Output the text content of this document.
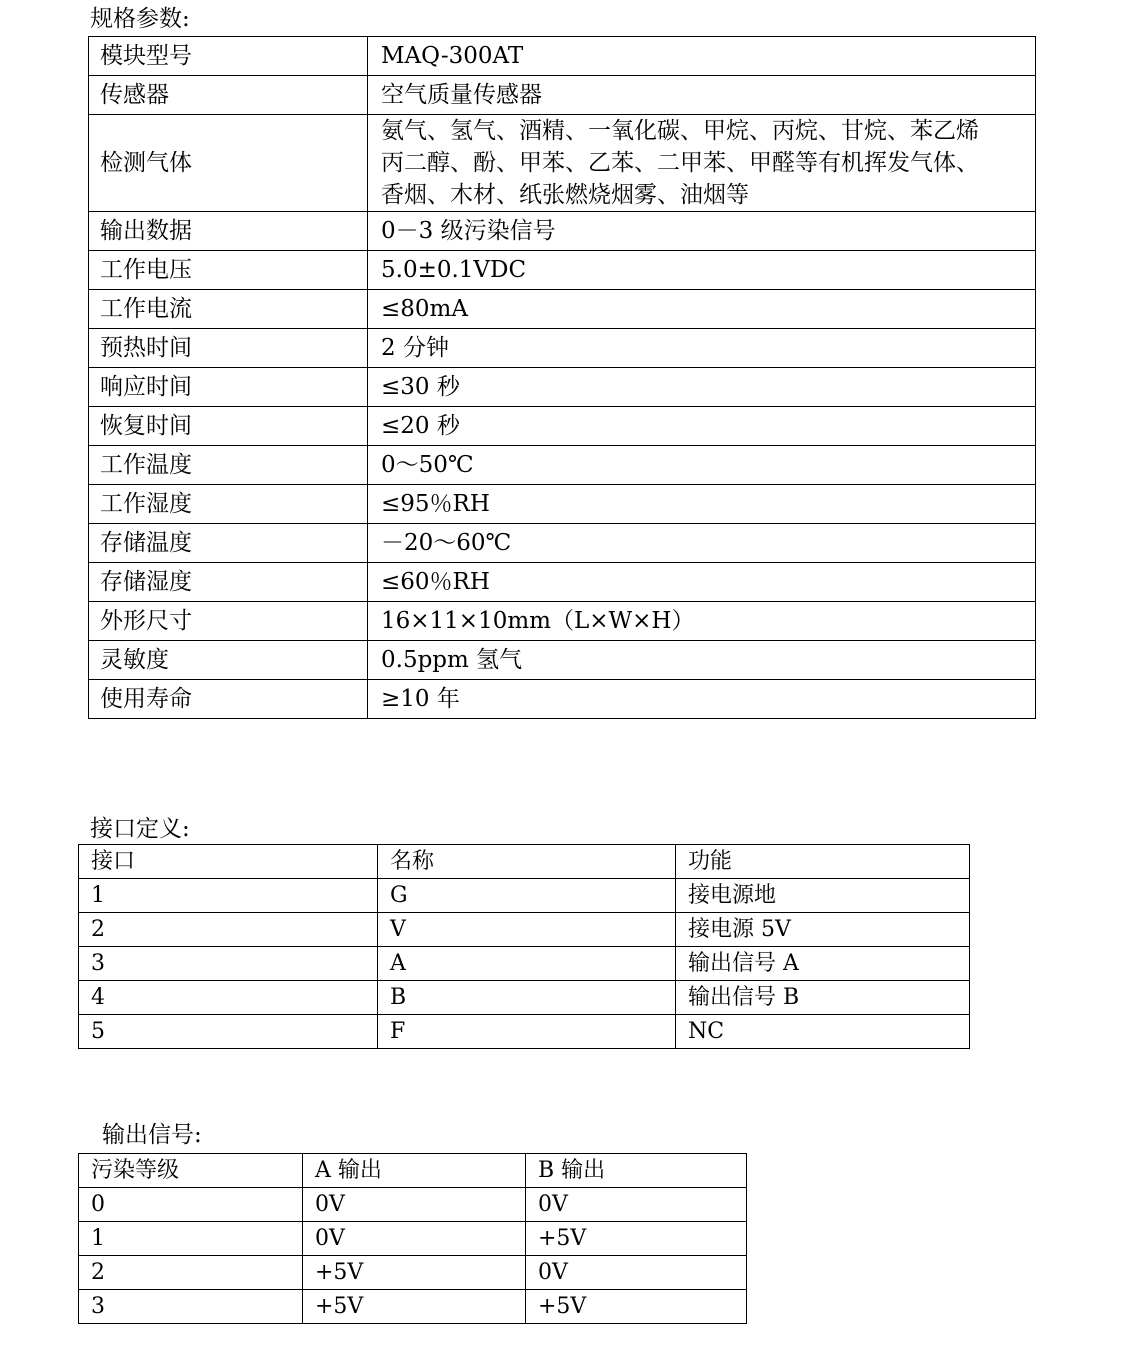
规格参数:
模块型号	MAQ-300AT
传感器	空气质量传感器
检测气体	氨气、氢气、酒精、一氧化碳、甲烷、丙烷、甘烷、苯乙烯
丙二醇、酚、甲苯、乙苯、二甲苯、甲醛等有机挥发气体、
香烟、木材、纸张燃烧烟雾、油烟等

输出数据	0－3 级污染信号
工作电压	5.0±0.1VDC
工作电流	≤80mA
预热时间	2 分钟
响应时间	≤30 秒
恢复时间	≤20 秒
工作温度	0～50℃
工作湿度	≤95％RH
存储温度	－20～60℃
存储湿度	≤60％RH
外形尺寸	16×11×10mm（L×W×H）
灵敏度	0.5ppm 氢气
使用寿命	≥10 年
接口定义:
接口	名称	功能
1	G	接电源地
2	V	接电源 5V
3	A	输出信号 A
4	B	输出信号 B
5	F	NC
输出信号:
污染等级	A 输出	B 输出
0	0V	0V
1	0V	+5V
2	+5V	0V
3	+5V	+5V
